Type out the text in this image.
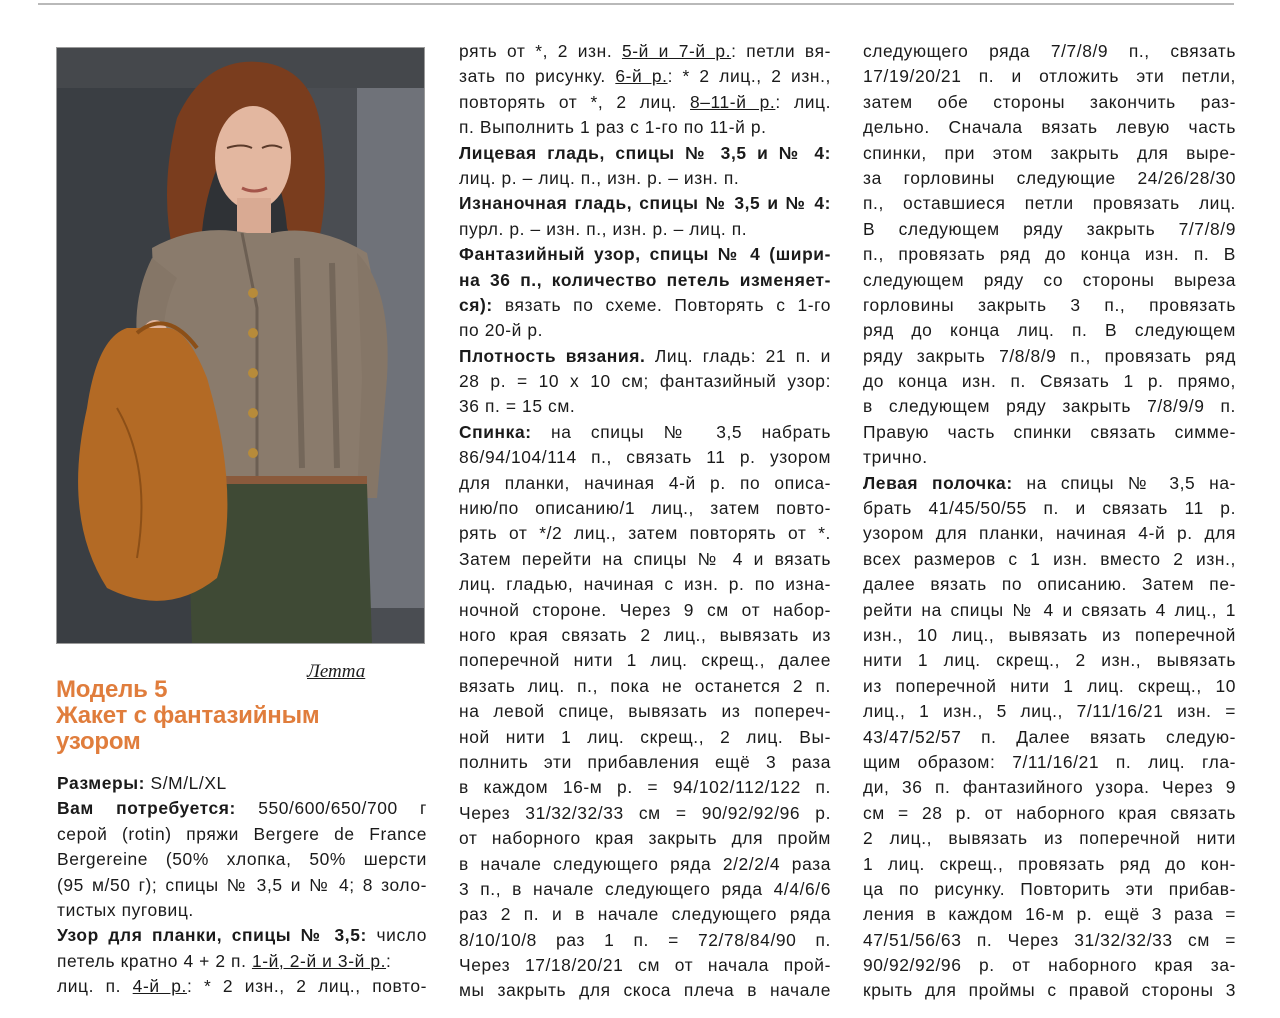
Летта
Модель 5
Жакет с фантазийным
узором
Размеры: S/M/L/XL
Вам потребуется: 550/600/650/700 г
серой (rotin) пряжи Bergere de France
Bergereine (50% хлопка, 50% шерсти
(95 м/50 г); спицы № 3,5 и № 4; 8 золо-
тистых пуговиц.
Узор для планки, спицы № 3,5: число
петель кратно 4 + 2 п. 1-й, 2-й и 3-й р.:
лиц. п. 4-й р.: * 2 изн., 2 лиц., повто-
рять от *, 2 изн. 5-й и 7-й р.: петли вя-
зать по рисунку. 6-й р.: * 2 лиц., 2 изн.,
повторять от *, 2 лиц. 8–11-й р.: лиц.
п. Выполнить 1 раз с 1-го по 11-й р.
Лицевая гладь, спицы № 3,5 и № 4:
лиц. р. – лиц. п., изн. р. – изн. п.
Изнаночная гладь, спицы № 3,5 и № 4:
пурл. р. – изн. п., изн. р. – лиц. п.
Фантазийный узор, спицы № 4 (шири-
на 36 п., количество петель изменяет-
ся): вязать по схеме. Повторять с 1-го
по 20-й р.
Плотность вязания. Лиц. гладь: 21 п. и
28 р. = 10 х 10 см; фантазийный узор:
36 п. = 15 см.
Спинка: на спицы № 3,5 набрать
86/94/104/114 п., связать 11 р. узором
для планки, начиная 4-й р. по описа-
нию/по описанию/1 лиц., затем повто-
рять от */2 лиц., затем повторять от *.
Затем перейти на спицы № 4 и вязать
лиц. гладью, начиная с изн. р. по изна-
ночной стороне. Через 9 см от набор-
ного края связать 2 лиц., вывязать из
поперечной нити 1 лиц. скрещ., далее
вязать лиц. п., пока не останется 2 п.
на левой спице, вывязать из попереч-
ной нити 1 лиц. скрещ., 2 лиц. Вы-
полнить эти прибавления ещё 3 раза
в каждом 16-м р. = 94/102/112/122 п.
Через 31/32/32/33 см = 90/92/92/96 р.
от наборного края закрыть для пройм
в начале следующего ряда 2/2/2/4 раза
3 п., в начале следующего ряда 4/4/6/6
раз 2 п. и в начале следующего ряда
8/10/10/8 раз 1 п. = 72/78/84/90 п.
Через 17/18/20/21 см от начала прой-
мы закрыть для скоса плеча в начале
следующего ряда 7/7/8/9 п., связать
17/19/20/21 п. и отложить эти петли,
затем обе стороны закончить раз-
дельно. Сначала вязать левую часть
спинки, при этом закрыть для выре-
за горловины следующие 24/26/28/30
п., оставшиеся петли провязать лиц.
В следующем ряду закрыть 7/7/8/9
п., провязать ряд до конца изн. п. В
следующем ряду со стороны выреза
горловины закрыть 3 п., провязать
ряд до конца лиц. п. В следующем
ряду закрыть 7/8/8/9 п., провязать ряд
до конца изн. п. Связать 1 р. прямо,
в следующем ряду закрыть 7/8/9/9 п.
Правую часть спинки связать симме-
трично.
Левая полочка: на спицы № 3,5 на-
брать 41/45/50/55 п. и связать 11 р.
узором для планки, начиная 4-й р. для
всех размеров с 1 изн. вместо 2 изн.,
далее вязать по описанию. Затем пе-
рейти на спицы № 4 и связать 4 лиц., 1
изн., 10 лиц., вывязать из поперечной
нити 1 лиц. скрещ., 2 изн., вывязать
из поперечной нити 1 лиц. скрещ., 10
лиц., 1 изн., 5 лиц., 7/11/16/21 изн. =
43/47/52/57 п. Далее вязать следую-
щим образом: 7/11/16/21 п. лиц. гла-
ди, 36 п. фантазийного узора. Через 9
см = 28 р. от наборного края связать
2 лиц., вывязать из поперечной нити
1 лиц. скрещ., провязать ряд до кон-
ца по рисунку. Повторить эти прибав-
ления в каждом 16-м р. ещё 3 раза =
47/51/56/63 п. Через 31/32/32/33 см =
90/92/92/96 р. от наборного края за-
крыть для проймы с правой стороны 3
